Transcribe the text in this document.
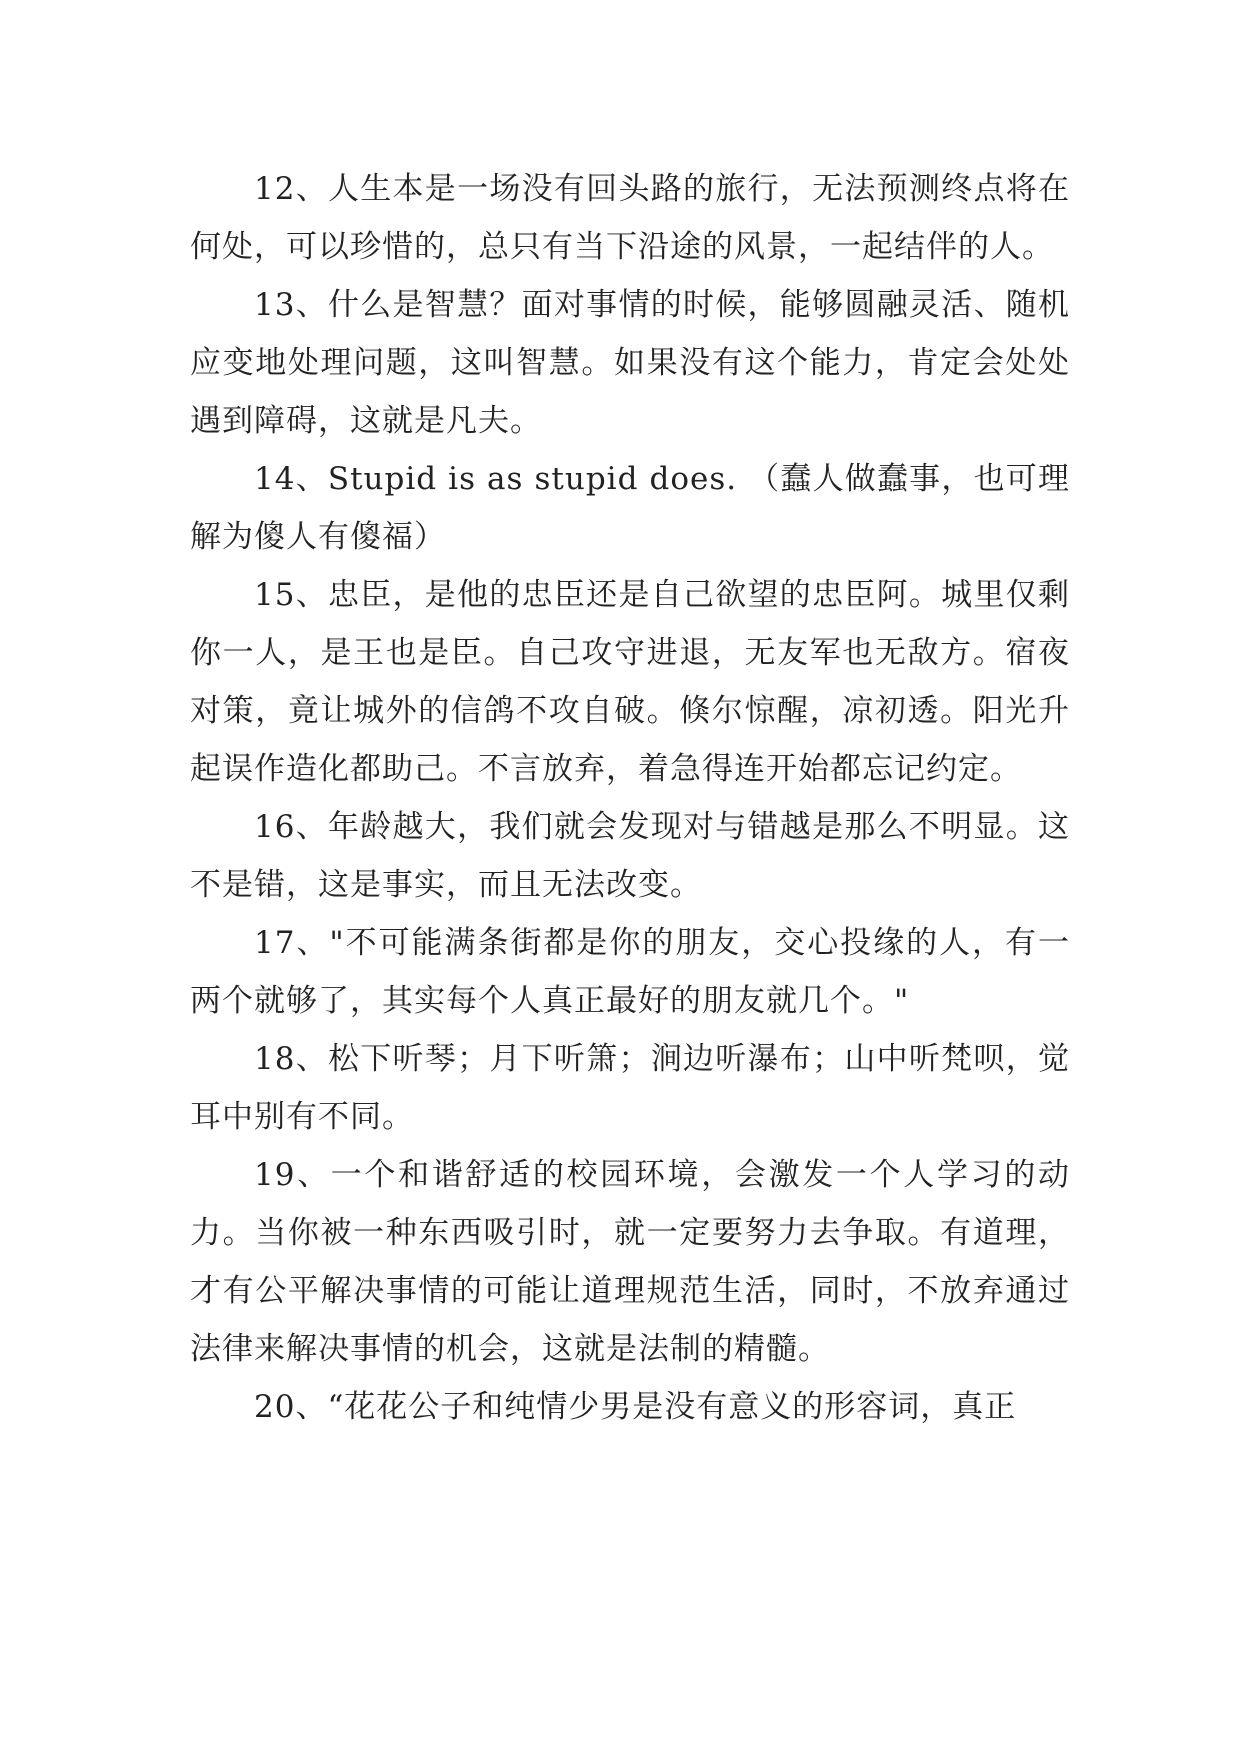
12、人生本是一场没有回头路的旅行，无法预测终点将在何处，可以珍惜的，总只有当下沿途的风景，一起结伴的人。

13、什么是智慧？面对事情的时候，能够圆融灵活、随机应变地处理问题，这叫智慧。如果没有这个能力，肯定会处处遇到障碍，这就是凡夫。

14、Stupid is as stupid does. （蠢人做蠢事，也可理解为傻人有傻福）

15、忠臣，是他的忠臣还是自己欲望的忠臣阿。城里仅剩你一人，是王也是臣。自己攻守进退，无友军也无敌方。宿夜对策，竟让城外的信鸽不攻自破。倏尔惊醒，凉初透。阳光升起误作造化都助己。不言放弃，着急得连开始都忘记约定。

16、年龄越大，我们就会发现对与错越是那么不明显。这不是错，这是事实，而且无法改变。

17、"不可能满条街都是你的朋友，交心投缘的人，有一两个就够了，其实每个人真正最好的朋友就几个。"

18、松下听琴；月下听箫；涧边听瀑布；山中听梵呗，觉耳中别有不同。

19、一个和谐舒适的校园环境，会激发一个人学习的动力。当你被一种东西吸引时，就一定要努力去争取。有道理，才有公平解决事情的可能让道理规范生活，同时，不放弃通过法律来解决事情的机会，这就是法制的精髓。

20、“花花公子和纯情少男是没有意义的形容词，真正
